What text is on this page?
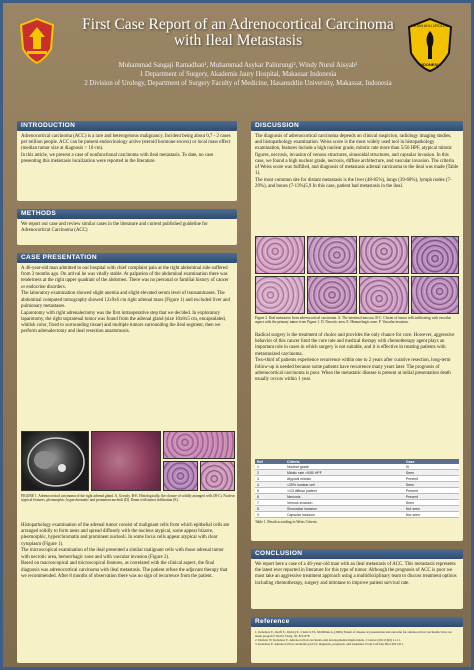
First Case Report of an Adrenocortical Carcinoma
with Ileal Metastasis
IKATAN AHLI UROLOGI
INDONESIA
Muhammad Sangaji Ramadhan¹, Muhammad Asykar Palinrungi², Windy Nurul Aisyah³
1 Department of Surgery, Akademis Jaury Hospital, Makassar Indonesia
2 Division of Urology, Department of Surgery Faculty of Medicine, Hasanuddin University, Makassar, Indonesia
INTRODUCTION

Adrenocortical carcinoma (ACC) is a rare and heterogenous malignancy. Incident being about 0,7 - 2 cases per million people. ACC can be present endocrinology active (steroid hormone excess) or local mass effect (median tumor size at diagnosis > 10 cm).

In this article, we present a case of nonfunctional carcinoma with ileal metastasis. To date, no case presenting this metastasis localization were reported in the literature.

METHODS

We report our case and review similar cases in the literature and current published guideline for Adrenocortical Carcinoma (ACC)

CASE PRESENTATION

A 46-year-old man admitted to our hospital with chief complaint pain at the right abdominal side suffered from 3 months ago. On arrival he was vitally stable. At palpation of the abdominal examination there was tenderness at the right upper quadrant of the abdomen. There was no personal or familial history of cancer or endocrine disorders.

The laboratory examination showed slight anemia and slight elevated serum level of transaminases. The abdominal computed tomography showed 12x9x6 cm right adrenal mass (Figure 1) and excluded liver and pulmonary metastases.

Laparotomy with right adrenalectomy was the first intraoperative step that we decided. In exploratory laparotomy, the right suprarenal tumor was found from the adrenal gland (size 10x8x5 cm, encapsulated, whitish color, fixed to surrounding tissue) and multiple tumors surrounding the ileal segment, then we perform adrenalectomy and ileal resection anastomosis.

FIGURE 1. Adrenocortical carcinoma of the right adrenal gland. A. Grossly. B-E. Histologically, the closure of solidly arranged cells (B-C). Nuclear atypical features, pleomorphic, hyperchromatic and prominent nucleoli (D). Ileum with tumor infiltration (E).

Histopathology examination of the adrenal tumor consist of malignant cells from which epithelial cells are arranged solidly to form nests and spread diffusely with the nucleus atypical, some appear bizarre, pleomorphic, hyperchromatin and prominent nucleoli. In some focus cells appear atypical with clear cytoplasm (Figure 1).

The microscopical examination of the ileal presented a similar malignant cells with those adrenal tumor with necrotic area, hemorrhagic zone and with vascular invasion (Figure 2).

Based on macroscopical and microscopical features, as correlated with the clinical aspect, the final diagnosis was adrenocortical carcinoma with ileal metastasis. The patient refuse the adjuvant therapy that we recommended. After 8 months of observation there was no sign of recurrence from the patient.

DISCUSSION

The diagnosis of adrenocortical carcinoma depends on clinical suspicion, radiology imaging studies, and histopathology examination. Weiss score is the most widely used tool in histopathology examination, features include a high nuclear grade, mitotic rate more than 5/50 HPF, atypical mitotic figures, necrosis, invasion of venous structures, sinusoidal structures, and capsular invasion. In this case, we found a high nuclear grade, necrosis, diffuse architecture, and vascular invasion. The criteria of Weiss score was fulfilled, and diagnosis of metastasis adrenal carcinoma to the ileal was made (Table 1).

The most common site for distant metastasis is the liver (48-85%), lungs (39-60%), lymph nodes (7-29%), and bones (7-13%)5,9 In this case, patient had metastasis in the ileal.

Figure 2. Ileal metastasis from adrenocortical carcinoma. A. The intestinal mucosa. B-C. Cluster of tumor cells infiltrating with vascular aspect with the primary tumor from Figure 1. D. Necrotic area. E. Hemorrhagic zone. F. Vascular invasion.

Radical surgery is the treatment of choice and provides the only chance for cure. However, aggressive behavior of this cancer limit the cure rate and medical therapy with chemotherapy agent plays an important role in cases in which surgery is not suitable, and it is effective in treating patients with metastasized carcinoma.

Two-third of patients experience recurrence within one to 2 years after curative resection, long-term follow-up is needed because some patients have recurrence many years later. The prognosis of adrenocortical carcinoma is poor. When the metastatic disease is present at initial presentation death usually occurs within 1 year.

Ref	Criteria	Case
1	Nuclear grade	III
2	Mitotic rate >5/50 HPF	Seen
3	Atypical mitosis	Present
4	<25% nuclear cell	Seen
5	>1/3 diffuse pattern	Present
6	Necrosis	Present
7	Venous invasion	Seen
8	Sinusoidal invasion	Not seen
9	Capsular invasion	Not seen
Table 1. Result according to Weiss Criteria
CONCLUSION

We report here a case of a 46-year-old man with an ileal metastasis of ACC. This metastasis represents the latest ever reported in literature for this type of tumor. Although the prognosis of ACC is poor we must take an aggressive treatment approach using a multidisciplinary team to discuss treatment options including chemotherapy, surgery and mitotane to improve patient survival rate.

Reference
1. Kebebew E., Reiff E., Duh Q.Y., Clark O. H., McMillan A. (2006) Extent of disease at presentation and outcome for adrenocortical carcinoma: have we made progress? World J Surg. 30, 872-878.
2. Dackiw W, Kebebew E. Adrenocortical carcinoma and developmental implications. J Cancer (2011) 6(6) 11-11.
3. Kebebew E. Adrenocortical carcinoma (ACC): diagnosis, prognosis, and treatment. Front Cell Dev Biol 2021;9:1.
